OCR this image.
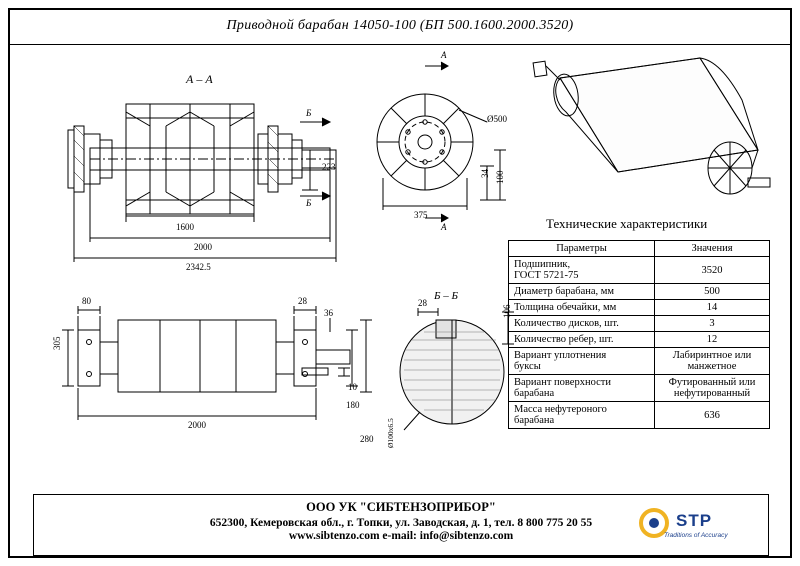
Приводной барабан 14050-100 (БП 500.1600.2000.3520)
А – А
1600
2000
2342.5
223
Б
Б
А
А
Ø500
375
34 100
80
305
2000
28
36
10
180
280
Б – Б
28
106
Ø100х6.5
Технические характеристики
Параметры	Значения
Подшипник,
ГОСТ 5721-75	3520
Диаметр барабана, мм	500
Толщина обечайки, мм	14
Количество дисков, шт.	3
Количество ребер, шт.	12
Вариант уплотнения
буксы	Лабиринтное или
манжетное
Вариант поверхности
барабана	Футированный или
нефутированный
Масса нефутероного
барабана	636
ООО УК "СИБТЕНЗОПРИБОР"
652300, Кемеровская обл., г. Топки, ул. Заводская, д. 1, тел. 8 800 775 20 55
www.sibtenzo.com e-mail: info@sibtenzo.com
STP
Traditions of Accuracy
